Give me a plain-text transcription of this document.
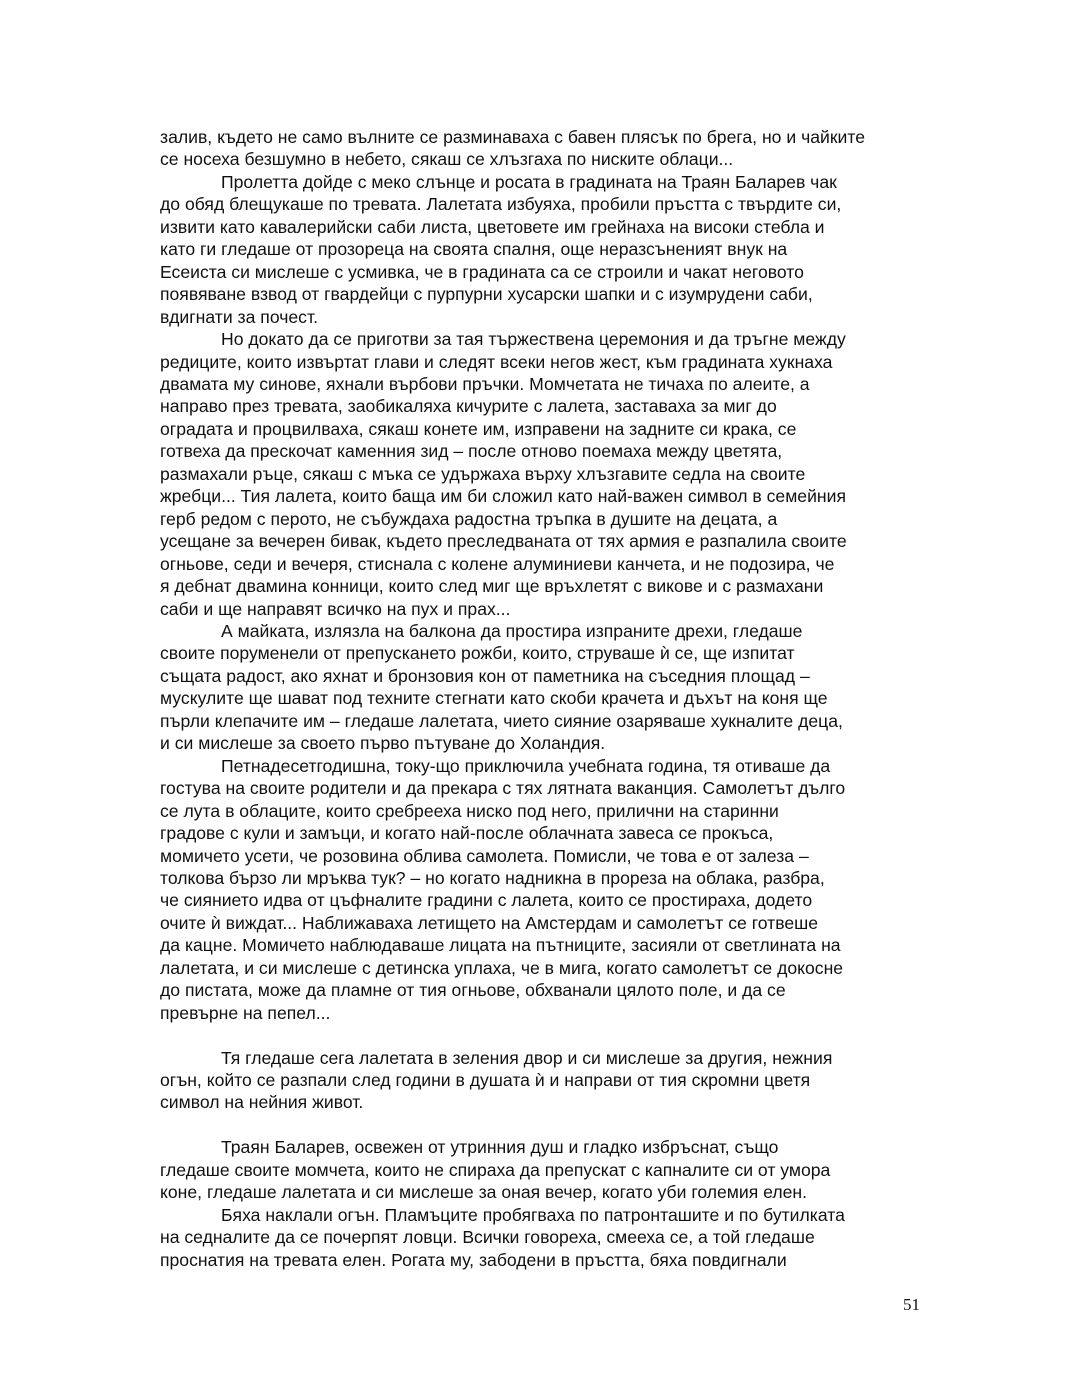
залив, където не само вълните се разминаваха с бавен плясък по брега, но и чайките
се носеха безшумно в небето, сякаш се хлъзгаха по ниските облаци...
Пролетта дойде с меко слънце и росата в градината на Траян Баларев чак
до обяд блещукаше по тревата. Лалетата избуяха, пробили пръстта с твърдите си,
извити като кавалерийски саби листа, цветовете им грейнаха на високи стебла и
като ги гледаше от прозореца на своята спалня, още неразсънeният внук на
Есеиста си мислеше с усмивка, че в градината са се строили и чакат неговото
появяване взвод от гвардейци с пурпурни хусарски шапки и с изумрудени саби,
вдигнати за почест.
Но докато да се приготви за тая тържествена церемония и да тръгне между
редиците, които извъртат глави и следят всеки негов жест, към градината хукнаха
двамата му синове, яхнали върбови пръчки. Момчетата не тичаха по алеите, а
направо през тревата, заобикаляха кичурите с лалета, заставаха за миг до
оградата и процвилваха, сякаш конете им, изправени на задните си крака, се
готвеха да прескочат каменния зид – после отново поемаха между цветята,
размахали ръце, сякаш с мъка се удържаха върху хлъзгавите седла на своите
жребци... Тия лалета, които баща им би сложил като най-важен символ в семейния
герб редом с перото, не събуждаха радостна тръпка в душите на децата, а
усещане за вечерен бивак, където преследваната от тях армия е разпалила своите
огньове, седи и вечеря, стиснала с колене алуминиеви канчета, и не подозира, че
я дебнат двамина конници, които след миг ще връхлетят с викове и с размахани
саби и ще направят всичко на пух и прах...
А майката, излязла на балкона да простира изпраните дрехи, гледаше
своите поруменели от препускането рожби, които, струваше ѝ се, ще изпитат
същата радост, ако яхнат и бронзовия кон от паметника на съседния площад –
мускулите ще шават под техните стегнати като скоби крачета и дъхът на коня ще
пърли клепачите им – гледаше лалетата, чието сияние озаряваше хукналите деца,
и си мислеше за своето първо пътуване до Холандия.
Петнадесетгодишна, току-що приключила учебната година, тя отиваше да
гостува на своите родители и да прекара с тях лятната ваканция. Самолетът дълго
се лута в облаците, които сребрееха ниско под него, прилични на старинни
градове с кули и замъци, и когато най-после облачната завеса се прокъса,
момичето усети, че розовина облива самолета. Помисли, че това е от залеза –
толкова бързо ли мръква тук? – но когато надникна в прореза на облака, разбра,
че сиянието идва от цъфналите градини с лалета, които се простираха, додето
очите ѝ виждат... Наближаваха летището на Амстердам и самолетът се готвеше
да кацне. Момичето наблюдаваше лицата на пътниците, засияли от светлината на
лалетата, и си мислеше с детинска уплаха, че в мига, когато самолетът се докосне
до пистата, може да пламне от тия огньове, обхванали цялото поле, и да се
превърне на пепел...
Тя гледаше сега лалетата в зеления двор и си мислеше за другия, нежния
огън, който се разпали след години в душата ѝ и направи от тия скромни цветя
символ на нейния живот.
Траян Баларев, освежен от утринния душ и гладко избръснат, също
гледаше своите момчета, които не спираха да препускат с капналите си от умора
коне, гледаше лалетата и си мислеше за оная вечер, когато уби големия елен.
Бяха наклали огън. Пламъците пробягваха по патронташите и по бутилката
на седналите да се почерпят ловци. Всички говореха, смееха се, а той гледаше
проснатия на тревата елен. Рогата му, забодени в пръстта, бяха повдигнали
51
